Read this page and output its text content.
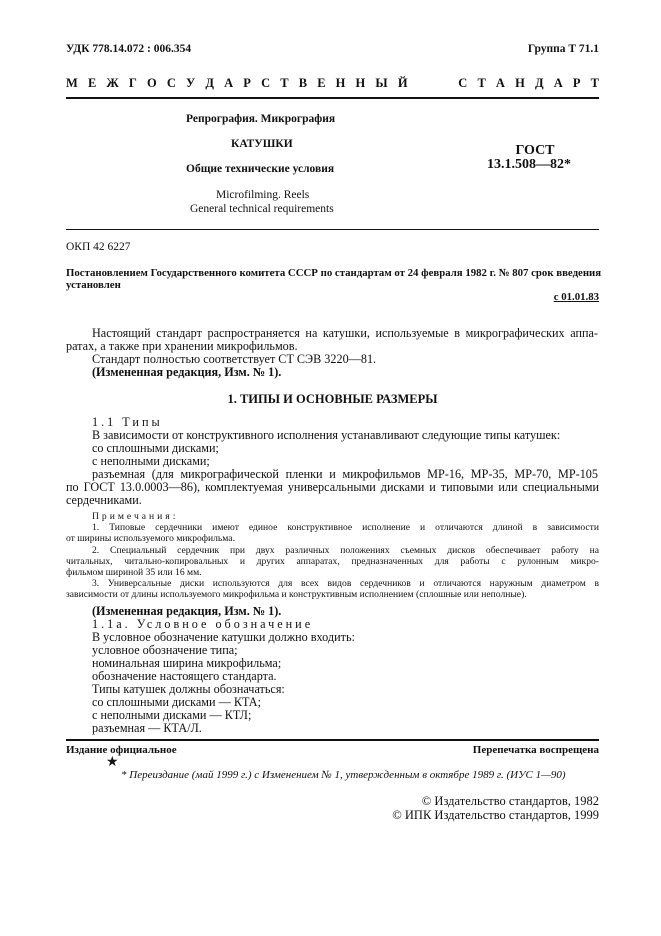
УДК 778.14.072 : 006.354	Группа Т 71.1
М Е Ж Г О С У Д А Р С Т В Е Н Н Ы Й     С Т А Н Д А Р Т
Репрография. Микрография
КАТУШКИ
Общие технические условия
Microfilming. Reels
General technical requirements
ГОСТ
13.1.508—82*
ОКП 42 6227
Постановлением Государственного комитета СССР по стандартам от 24 февраля 1982 г. № 807 срок введения
установлен
с 01.01.83
Настоящий стандарт распространяется на катушки, используемые в микрографических аппа-
ратах, а также при хранении микрофильмов.
Стандарт полностью соответствует СТ СЭВ 3220—81.
(Измененная редакция, Изм. № 1).
1. ТИПЫ И ОСНОВНЫЕ РАЗМЕРЫ
1.1 Типы
В зависимости от конструктивного исполнения устанавливают следующие типы катушек:
со сплошными дисками;
с неполными дисками;
разъемная (для микрографической пленки и микрофильмов МР-16, МР-35, МР-70, МР-105
по ГОСТ 13.0.0003—86), комплектуемая универсальными дисками и типовыми или специальными
сердечниками.
Примечания:
1. Типовые сердечники имеют единое конструктивное исполнение и отличаются длиной в зависимости
от ширины используемого микрофильма.
2. Специальный сердечник при двух различных положениях съемных дисков обеспечивает работу на
читальных, читально-копировальных и других аппаратах, предназначенных для работы с рулонным микро-
фильмом шириной 35 или 16 мм.
3. Универсальные диски используются для всех видов сердечников и отличаются наружным диаметром в
зависимости от длины используемого микрофильма и конструктивным исполнением (сплошные или неполные).
(Измененная редакция, Изм. № 1).
1.1а. Условное обозначение
В условное обозначение катушки должно входить:
условное обозначение типа;
номинальная ширина микрофильма;
обозначение настоящего стандарта.
Типы катушек должны обозначаться:
со сплошными дисками — КТА;
с неполными дисками — КТЛ;
разъемная — КТА/Л.
Издание официальное	Перепечатка воспрещена
★
* Переиздание (май 1999 г.) с Изменением № 1, утвержденным в октябре 1989 г. (ИУС 1—90)
© Издательство стандартов, 1982
© ИПК Издательство стандартов, 1999
